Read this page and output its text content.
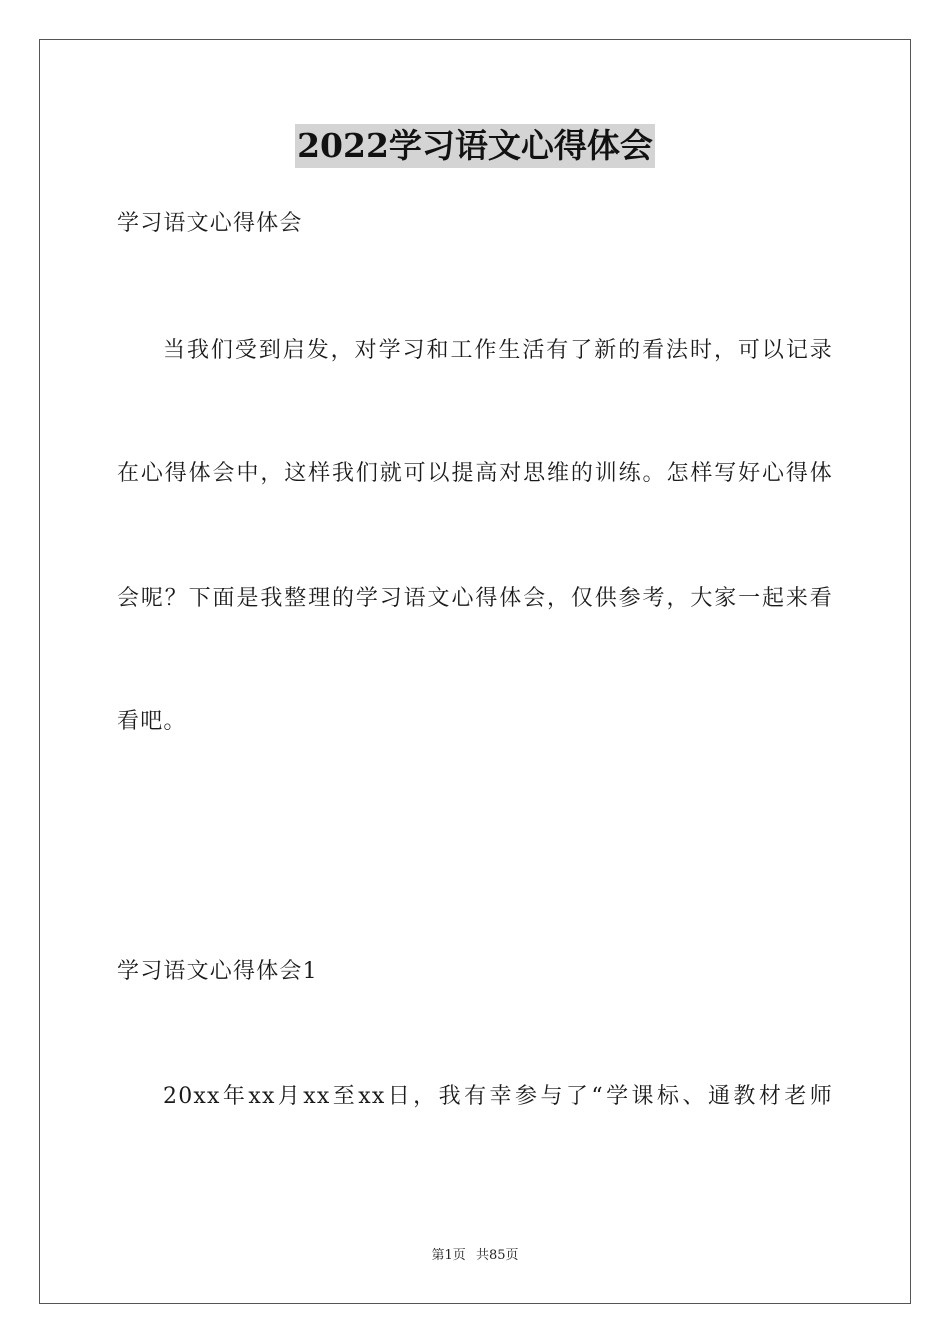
2022学习语文心得体会
学习语文心得体会
当我们受到启发，对学习和工作生活有了新的看法时，可以记录
在心得体会中，这样我们就可以提高对思维的训练。怎样写好心得体
会呢？下面是我整理的学习语文心得体会，仅供参考，大家一起来看
看吧。
学习语文心得体会1
20xx年xx月xx至xx日，我有幸参与了“学课标、通教材老师
第1页 共85页
